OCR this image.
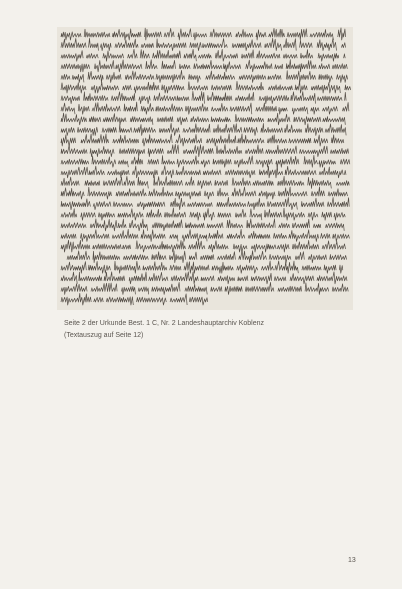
Seite 2 der Urkunde Best. 1 C, Nr. 2 Landeshauptarchiv Koblenz
(Textauszug auf Seite 12)
13
